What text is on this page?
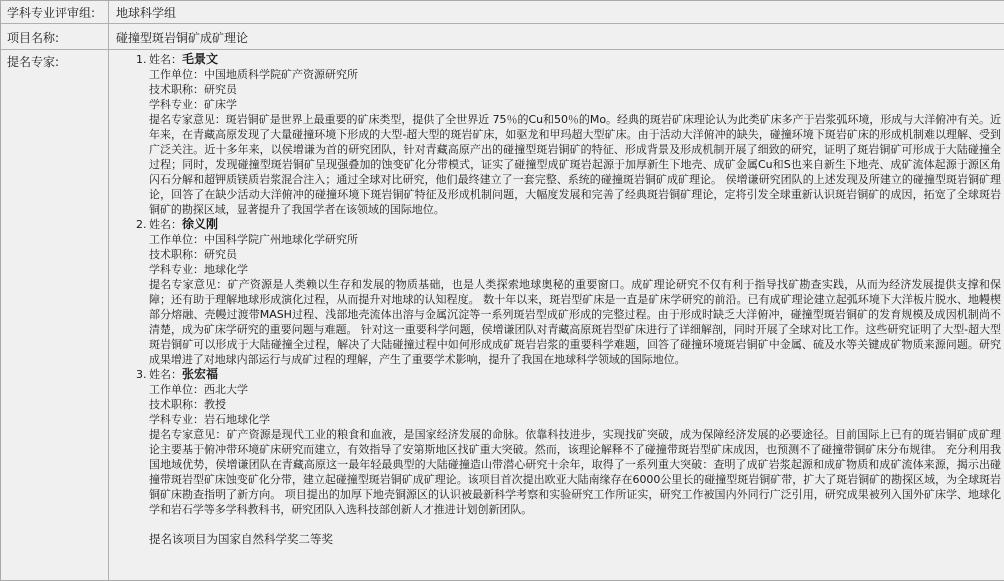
学科专业评审组:	地球科学组
项目名称:	碰撞型斑岩铜矿成矿理论
提名专家:	1. 姓名：毛景文
工作单位：中国地质科学院矿产资源研究所
技术职称：研究员
学科专业：矿床学

提名专家意见：斑岩铜矿是世界上最重要的矿床类型，提供了全世界近 75％的Cu和50％的Mo。经典的斑岩矿床理论认为此类矿床多产于岩浆弧环境，形成与大洋俯冲有关。近年来，在青藏高原发现了大量碰撞环境下形成的大型-超大型的斑岩矿床，如驱龙和甲玛超大型矿床。由于活动大洋俯冲的缺失，碰撞环境下斑岩矿床的形成机制难以理解、受到广泛关注。近十多年来，以侯增谦为首的研究团队，针对青藏高原产出的碰撞型斑岩铜矿的特征、形成背景及形成机制开展了细致的研究，证明了斑岩铜矿可形成于大陆碰撞全过程；同时，发现碰撞型斑岩铜矿呈现强叠加的蚀变矿化分带模式，证实了碰撞型成矿斑岩起源于加厚新生下地壳、成矿金属Cu和S也来自新生下地壳、成矿流体起源于源区角闪石分解和超钾质镁质岩浆混合注入；通过全球对比研究，他们最终建立了一套完整、系统的碰撞斑岩铜矿成矿理论。 侯增谦研究团队的上述发现及所建立的碰撞型斑岩铜矿理论，回答了在缺少活动大洋俯冲的碰撞环境下斑岩铜矿特征及形成机制问题，大幅度发展和完善了经典斑岩铜矿理论，定将引发全球重新认识斑岩铜矿的成因，拓宽了全球斑岩铜矿的勘探区域，显著提升了我国学者在该领域的国际地位。

2. 姓名：徐义刚
工作单位：中国科学院广州地球化学研究所
技术职称：研究员
学科专业：地球化学

提名专家意见：矿产资源是人类赖以生存和发展的物质基础，也是人类探索地球奥秘的重要窗口。成矿理论研究不仅有利于指导找矿勘查实践，从而为经济发展提供支撑和保障；还有助于理解地球形成演化过程，从而提升对地球的认知程度。 数十年以来，斑岩型矿床是一直是矿床学研究的前沿。已有成矿理论建立起弧环境下大洋板片脱水、地幔楔部分熔融、壳幔过渡带MASH过程、浅部地壳流体出溶与金属沉淀等一系列斑岩型成矿形成的完整过程。由于形成时缺乏大洋俯冲，碰撞型斑岩铜矿的发育规模及成因机制尚不清楚，成为矿床学研究的重要问题与难题。 针对这一重要科学问题，侯增谦团队对青藏高原斑岩型矿床进行了详细解剖，同时开展了全球对比工作。这些研究证明了大型-超大型斑岩铜矿可以形成于大陆碰撞全过程，解决了大陆碰撞过程中如何形成成矿斑岩岩浆的重要科学难题，回答了碰撞环境斑岩铜矿中金属、硫及水等关键成矿物质来源问题。研究成果增进了对地球内部运行与成矿过程的理解，产生了重要学术影响，提升了我国在地球科学领域的国际地位。

3. 姓名：张宏福
工作单位：西北大学
技术职称：教授
学科专业：岩石地球化学

提名专家意见：矿产资源是现代工业的粮食和血液，是国家经济发展的命脉。依靠科技进步，实现找矿突破，成为保障经济发展的必要途径。目前国际上已有的斑岩铜矿成矿理论主要基于俯冲带环境矿床研究而建立，有效指导了安第斯地区找矿重大突破。然而，该理论解释不了碰撞带斑岩型矿床成因，也预测不了碰撞带铜矿床分布规律。 充分利用我国地域优势，侯增谦团队在青藏高原这一最年轻最典型的大陆碰撞造山带潜心研究十余年，取得了一系列重大突破：查明了成矿岩浆起源和成矿物质和成矿流体来源，揭示出碰撞带斑岩型矿床蚀变矿化分带，建立起碰撞型斑岩铜矿成矿理论。该项目首次提出欧亚大陆南缘存在6000公里长的碰撞型斑岩铜矿带，扩大了斑岩铜矿的勘探区域，为全球斑岩铜矿床勘查指明了新方向。 项目提出的加厚下地壳铜源区的认识被最新科学考察和实验研究工作所证实，研究工作被国内外同行广泛引用，研究成果被列入国外矿床学、地球化学和岩石学等多学科教科书，研究团队入选科技部创新人才推进计划创新团队。

提名该项目为国家自然科学奖二等奖
